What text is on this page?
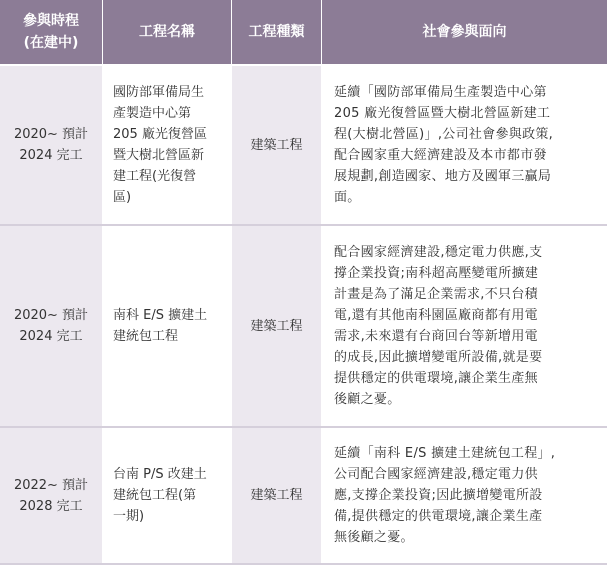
參與時程
(在建中)
工程名稱	工程種類	社會參與面向
2020~ 預計
2024 完工
國防部軍備局生
產製造中心第
205 廠光復營區
暨大樹北營區新
建工程(光復營
區)
建築工程
延續「國防部軍備局生產製造中心第
205 廠光復營區暨大樹北營區新建工
程(大樹北營區)」,公司社會參與政策,
配合國家重大經濟建設及本市都市發
展規劃,創造國家、地方及國軍三贏局
面。
2020~ 預計
2024 完工
南科 E/S 擴建土
建統包工程
建築工程
配合國家經濟建設,穩定電力供應,支
撐企業投資;南科超高壓變電所擴建
計畫是為了滿足企業需求,不只台積
電,還有其他南科園區廠商都有用電
需求,未來還有台商回台等新增用電
的成長,因此擴增變電所設備,就是要
提供穩定的供電環境,讓企業生產無
後顧之憂。
2022~ 預計
2028 完工
台南 P/S 改建土
建統包工程(第
一期)
建築工程
延續「南科 E/S 擴建土建統包工程」,
公司配合國家經濟建設,穩定電力供
應,支撐企業投資;因此擴增變電所設
備,提供穩定的供電環境,讓企業生產
無後顧之憂。
